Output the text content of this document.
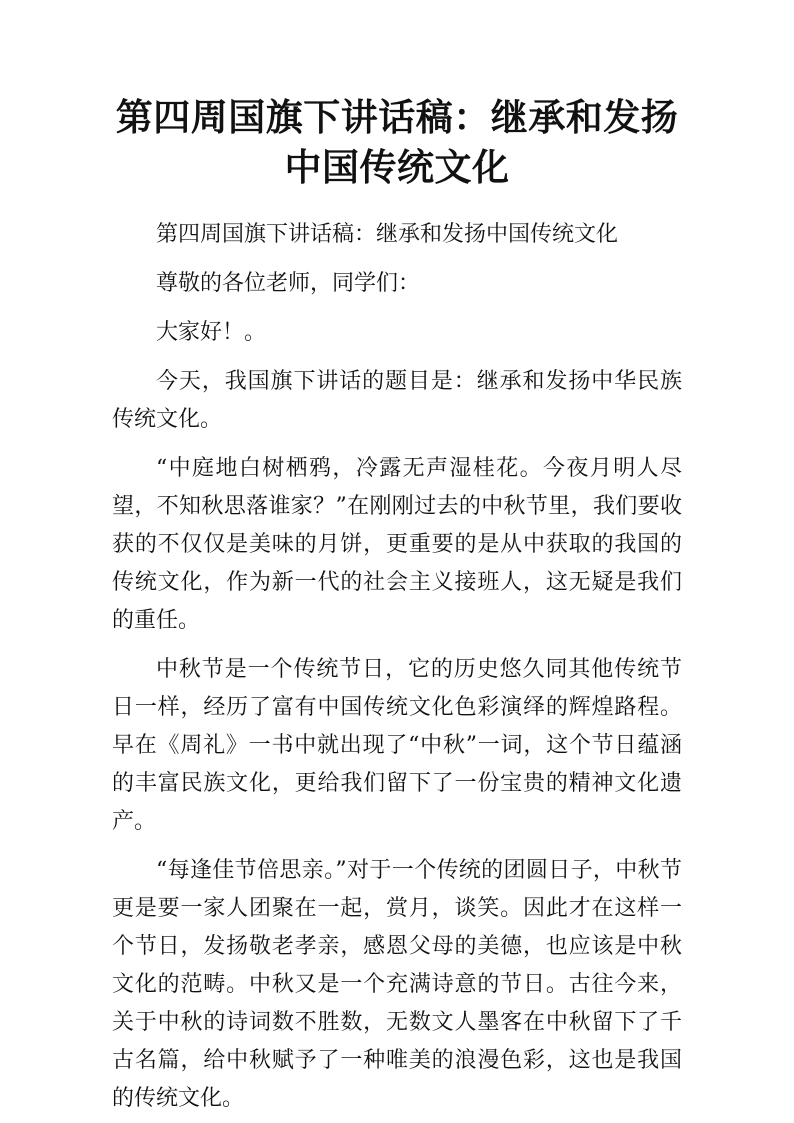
第四周国旗下讲话稿：继承和发扬中国传统文化

第四周国旗下讲话稿：继承和发扬中国传统文化

尊敬的各位老师，同学们：

大家好！。

今天，我国旗下讲话的题目是：继承和发扬中华民族传统文化。

“中庭地白树栖鸦，冷露无声湿桂花。今夜月明人尽望，不知秋思落谁家？”在刚刚过去的中秋节里，我们要收获的不仅仅是美味的月饼，更重要的是从中获取的我国的传统文化，作为新一代的社会主义接班人，这无疑是我们的重任。

中秋节是一个传统节日，它的历史悠久同其他传统节日一样，经历了富有中国传统文化色彩演绎的辉煌路程。早在《周礼》一书中就出现了“中秋”一词，这个节日蕴涵的丰富民族文化，更给我们留下了一份宝贵的精神文化遗产。

“每逢佳节倍思亲。”对于一个传统的团圆日子，中秋节更是要一家人团聚在一起，赏月，谈笑。因此才在这样一个节日，发扬敬老孝亲，感恩父母的美德，也应该是中秋文化的范畴。中秋又是一个充满诗意的节日。古往今来，关于中秋的诗词数不胜数，无数文人墨客在中秋留下了千古名篇，给中秋赋予了一种唯美的浪漫色彩，这也是我国的传统文化。
